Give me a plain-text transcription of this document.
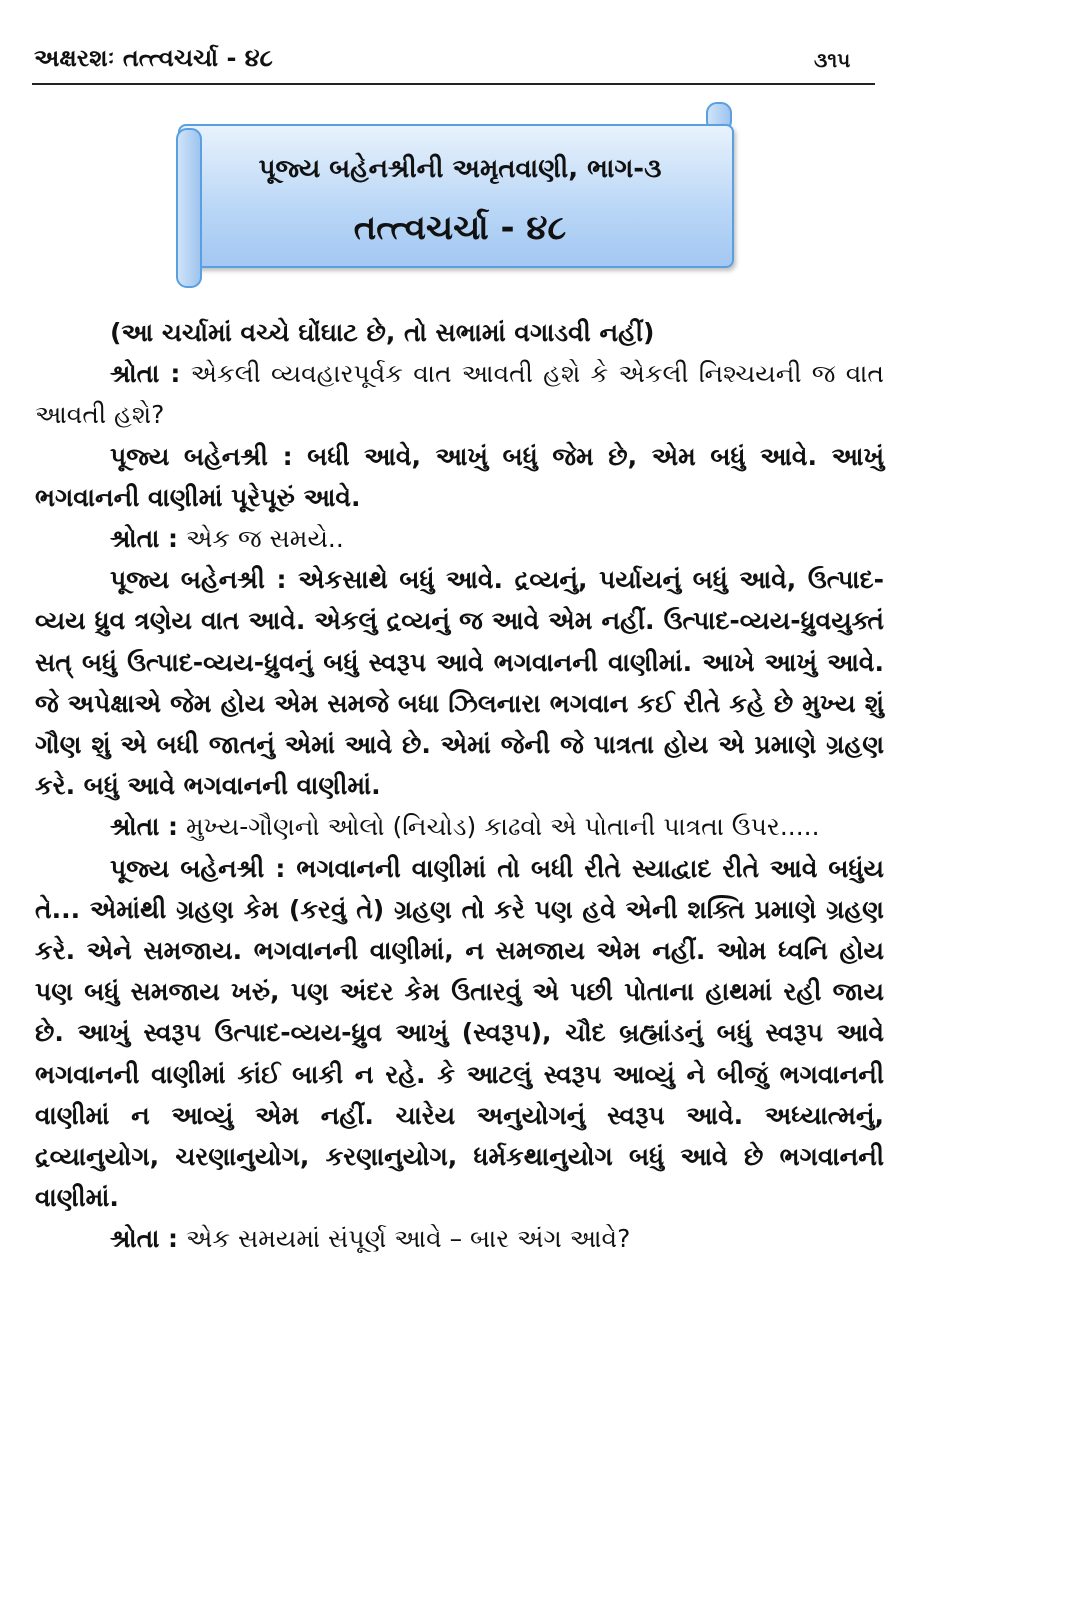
અક્ષરશઃ તત્ત્વચર્ચા - ૪૮	૩૧૫
પૂજ્ય બહેનશ્રીની અમૃતવાણી, ભાગ-૩
તત્ત્વચર્ચા - ૪૮

(આ ચર્ચામાં વચ્ચે ઘોંઘાટ છે, તો સભામાં વગાડવી નહીં)

શ્રોતા : એકલી વ્યવહારપૂર્વક વાત આવતી હશે કે એકલી નિશ્ચયની જ વાત આવતી હશે?

પૂજ્ય બહેનશ્રી : બધી આવે, આખું બધું જેમ છે, એમ બધું આવે. આખું ભગવાનની વાણીમાં પૂરેપૂરું આવે.

શ્રોતા : એક જ સમયે..

પૂજ્ય બહેનશ્રી : એકસાથે બધું આવે. દ્રવ્યનું, પર્યાયનું બધું આવે, ઉત્પાદ-વ્યય ધ્રુવ ત્રણેય વાત આવે. એકલું દ્રવ્યનું જ આવે એમ નહીં. ઉત્પાદ-વ્યય-ધ્રુવયુક્તં સત્ બધું ઉત્પાદ-વ્યય-ધ્રુવનું બધું સ્વરૂપ આવે ભગવાનની વાણીમાં. આખે આખું આવે. જે અપેક્ષાએ જેમ હોય એમ સમજે બધા ઝિલનારા ભગવાન કઈ રીતે કહે છે મુખ્ય શું ગૌણ શું એ બધી જાતનું એમાં આવે છે. એમાં જેની જે પાત્રતા હોય એ પ્રમાણે ગ્રહણ કરે. બધું આવે ભગવાનની વાણીમાં.

શ્રોતા : મુખ્ય-ગૌણનો ઓલો (નિચોડ) કાઢવો એ પોતાની પાત્રતા ઉપર.....

પૂજ્ય બહેનશ્રી : ભગવાનની વાણીમાં તો બધી રીતે સ્યાદ્વાદ રીતે આવે બધુંય તે... એમાંથી ગ્રહણ કેમ (કરવું તે) ગ્રહણ તો કરે પણ હવે એની શક્તિ પ્રમાણે ગ્રહણ કરે. એને સમજાય. ભગવાનની વાણીમાં, ન સમજાય એમ નહીં. ઓમ ધ્વનિ હોય પણ બધું સમજાય ખરું, પણ અંદર કેમ ઉતારવું એ પછી પોતાના હાથમાં રહી જાય છે. આખું સ્વરૂપ ઉત્પાદ-વ્યય-ધ્રુવ આખું (સ્વરૂપ), ચૌદ બ્રહ્માંડનું બધું સ્વરૂપ આવે ભગવાનની વાણીમાં કાંઈ બાકી ન રહે. કે આટલું સ્વરૂપ આવ્યું ને બીજું ભગવાનની વાણીમાં ન આવ્યું એમ નહીં. ચારેય અનુયોગનું સ્વરૂપ આવે. અધ્યાત્મનું, દ્રવ્યાનુયોગ, ચરણાનુયોગ, કરણાનુયોગ, ધર્મકથાનુયોગ બધું આવે છે ભગવાનની વાણીમાં.

શ્રોતા : એક સમયમાં સંપૂર્ણ આવે – બાર અંગ આવે?
